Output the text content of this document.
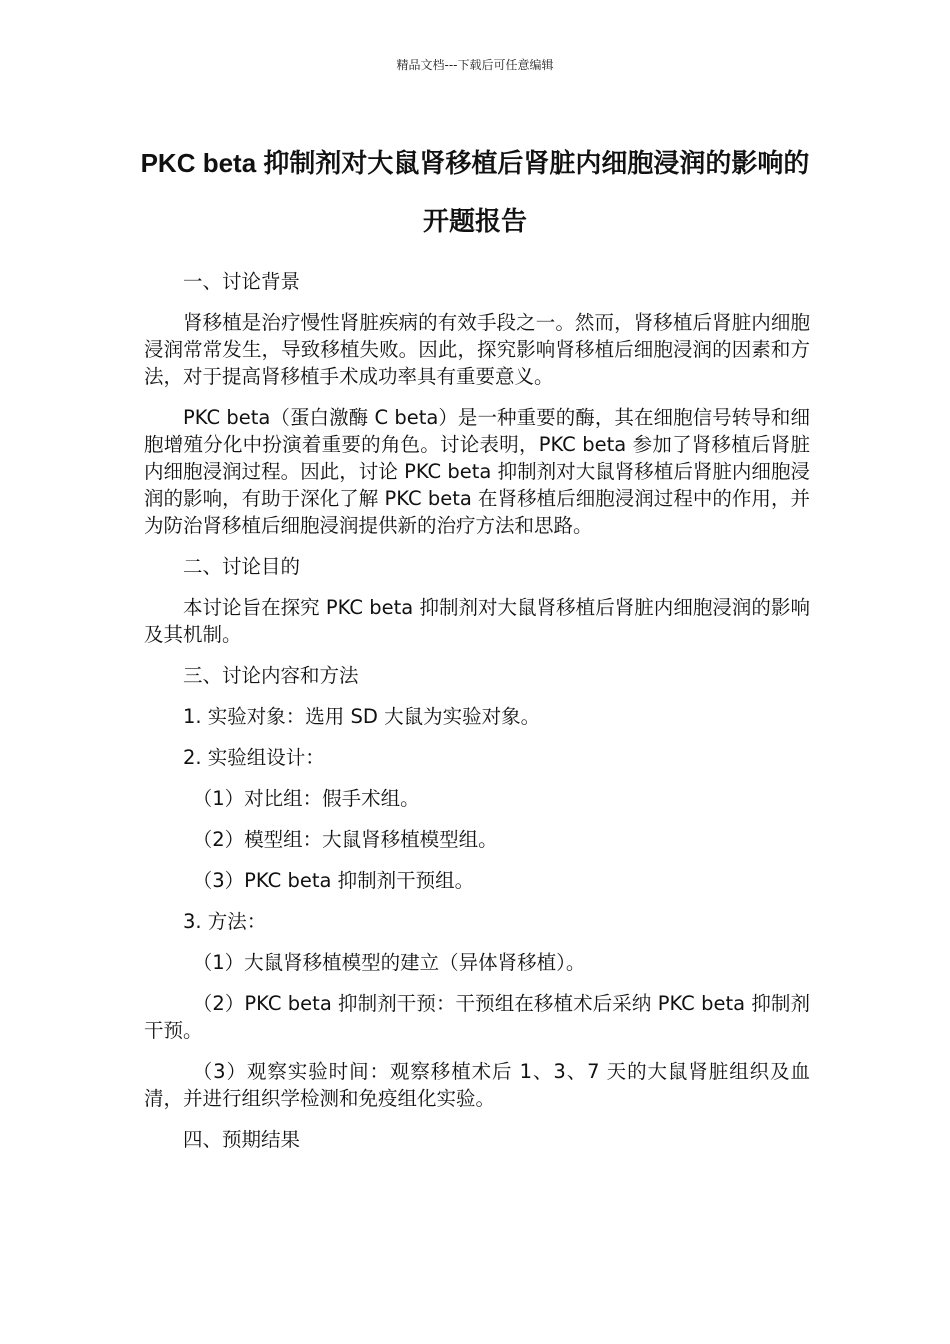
精品文档---下载后可任意编辑
PKC beta 抑制剂对大鼠肾移植后肾脏内细胞浸润的影响的开题报告

一、讨论背景

肾移植是治疗慢性肾脏疾病的有效手段之一。然而，肾移植后肾脏内细胞浸润常常发生，导致移植失败。因此，探究影响肾移植后细胞浸润的因素和方法，对于提高肾移植手术成功率具有重要意义。

PKC beta（蛋白激酶 C beta）是一种重要的酶，其在细胞信号转导和细胞增殖分化中扮演着重要的角色。讨论表明，PKC beta 参加了肾移植后肾脏内细胞浸润过程。因此，讨论 PKC beta 抑制剂对大鼠肾移植后肾脏内细胞浸润的影响，有助于深化了解 PKC beta 在肾移植后细胞浸润过程中的作用，并为防治肾移植后细胞浸润提供新的治疗方法和思路。

二、讨论目的

本讨论旨在探究 PKC beta 抑制剂对大鼠肾移植后肾脏内细胞浸润的影响及其机制。

三、讨论内容和方法

1. 实验对象：选用 SD 大鼠为实验对象。

2. 实验组设计：

（1）对比组：假手术组。

（2）模型组：大鼠肾移植模型组。

（3）PKC beta 抑制剂干预组。

3. 方法：

（1）大鼠肾移植模型的建立（异体肾移植）。

（2）PKC beta 抑制剂干预：干预组在移植术后采纳 PKC beta 抑制剂干预。

（3）观察实验时间：观察移植术后 1、3、7 天的大鼠肾脏组织及血清，并进行组织学检测和免疫组化实验。

四、预期结果
